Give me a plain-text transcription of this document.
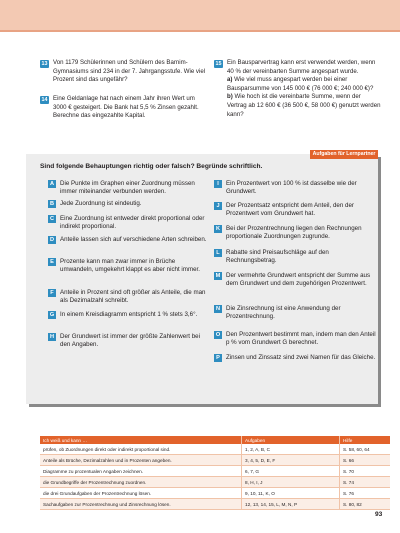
13 Von 1179 Schülerinnen und Schülern des Barnim-Gymnasiums sind 234 in der 7. Jahrgangsstufe. Wie viel Prozent sind das ungefähr?
14 Eine Geldanlage hat nach einem Jahr ihren Wert um 3000 € gesteigert. Die Bank hat 5,5 % Zinsen gezahlt. Berechne das eingezahlte Kapital.
15 Ein Bausparvertrag kann erst verwendet werden, wenn 40 % der vereinbarten Summe angespart wurde.
a) Wie viel muss angespart werden bei einer Bausparsumme von 145 000 € (76 000 €; 240 000 €)?
b) Wie hoch ist die vereinbarte Summe, wenn der Vertrag ab 12 600 € (36 500 €, 58 000 €) genutzt werden kann?
Aufgaben für Lernpartner
Sind folgende Behauptungen richtig oder falsch? Begründe schriftlich.
A Die Punkte im Graphen einer Zuordnung müssen immer miteinander verbunden werden.
B Jede Zuordnung ist eindeutig.
C Eine Zuordnung ist entweder direkt proportional oder indirekt proportional.
D Anteile lassen sich auf verschiedene Arten schreiben.
E Prozente kann man zwar immer in Brüche umwandeln, umgekehrt klappt es aber nicht immer.
F	Anteile in Prozent sind oft größer als Anteile, die man als Dezimalzahl schreibt.
G In einem Kreisdiagramm entspricht 1 % stets 3,6°.
H Der Grundwert ist immer der größte Zahlenwert bei den Angaben.
I	Ein Prozentwert von 100 % ist dasselbe wie der Grundwert.
J	Der Prozentsatz entspricht dem Anteil, den der Prozentwert vom Grundwert hat.
K Bei der Prozentrechnung liegen den Rechnungen proportionale Zuordnungen zugrunde.
L	Rabatte sind Preisaufschläge auf den Rechnungsbetrag.
M Der vermehrte Grundwert entspricht der Summe aus dem Grundwert und dem zugehörigen Prozentwert.
N Die Zinsrechnung ist eine Anwendung der Prozentrechnung.
O Den Prozentwert bestimmt man, indem man den Anteil p % vom Grundwert G berechnet.
P Zinsen und Zinssatz sind zwei Namen für das Gleiche.
Ich weiß und kann …	Aufgaben	Hilfe
prüfen, ob Zuordnungen direkt oder indirekt proportional sind.	1, 2, A, B, C	S. 58, 60, 64
Anteile als Brüche, Dezimalzahlen und in Prozenten angeben.	3, 4, 5, D, E, F	S. 66
Diagramme zu prozentualen Angaben zeichnen.	6, 7, G	S. 70
die Grundbegriffe der Prozentrechnung zuordnen.	8, H, I, J	S. 74
die drei Grundaufgaben der Prozentrechnung lösen.	9, 10, 11, K, O	S. 76
Sachaufgaben zur Prozentrechnung und Zinsrechnung lösen.	12, 13, 14, 15, L, M, N, P	S. 80, 82
93
